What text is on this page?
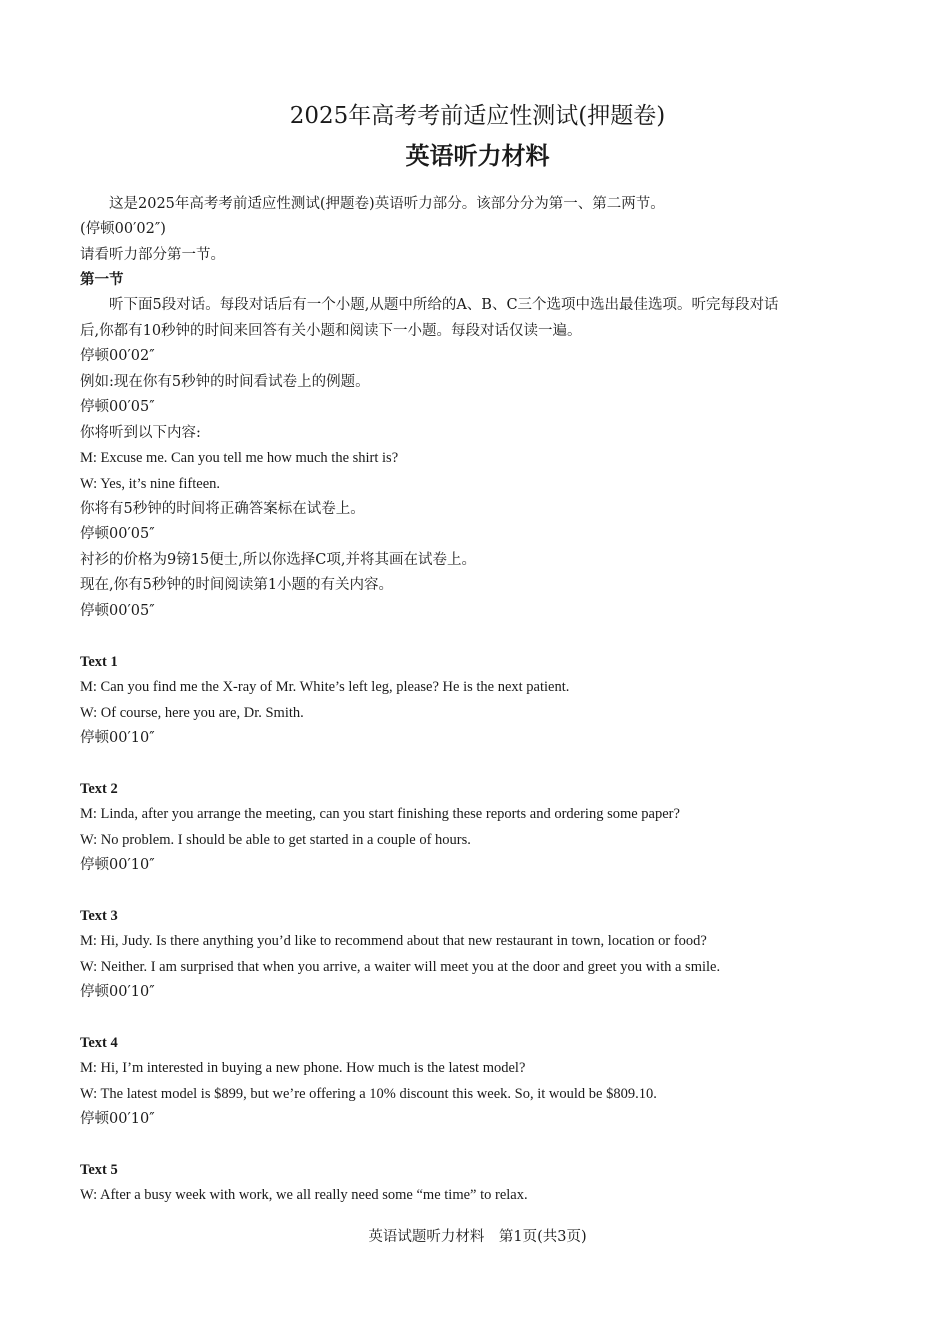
2025年高考考前适应性测试(押题卷)
英语听力材料
这是2025年高考考前适应性测试(押题卷)英语听力部分。该部分分为第一、第二两节。
(停顿00′02″)
请看听力部分第一节。
第一节
听下面5段对话。每段对话后有一个小题,从题中所给的A、B、C三个选项中选出最佳选项。听完每段对话
后,你都有10秒钟的时间来回答有关小题和阅读下一小题。每段对话仅读一遍。
停顿00′02″
例如:现在你有5秒钟的时间看试卷上的例题。
停顿00′05″
你将听到以下内容:
M: Excuse me. Can you tell me how much the shirt is?
W: Yes, it’s nine fifteen.
你将有5秒钟的时间将正确答案标在试卷上。
停顿00′05″
衬衫的价格为9镑15便士,所以你选择C项,并将其画在试卷上。
现在,你有5秒钟的时间阅读第1小题的有关内容。
停顿00′05″
Text 1
M: Can you find me the X-ray of Mr. White’s left leg, please? He is the next patient.
W: Of course, here you are, Dr. Smith.
停顿00′10″
Text 2
M: Linda, after you arrange the meeting, can you start finishing these reports and ordering some paper?
W: No problem. I should be able to get started in a couple of hours.
停顿00′10″
Text 3
M: Hi, Judy. Is there anything you’d like to recommend about that new restaurant in town, location or food?
W: Neither. I am surprised that when you arrive, a waiter will meet you at the door and greet you with a smile.
停顿00′10″
Text 4
M: Hi, I’m interested in buying a new phone. How much is the latest model?
W: The latest model is $899, but we’re offering a 10% discount this week. So, it would be $809.10.
停顿00′10″
Text 5
W: After a busy week with work, we all really need some “me time” to relax.
英语试题听力材料　第1页(共3页)
